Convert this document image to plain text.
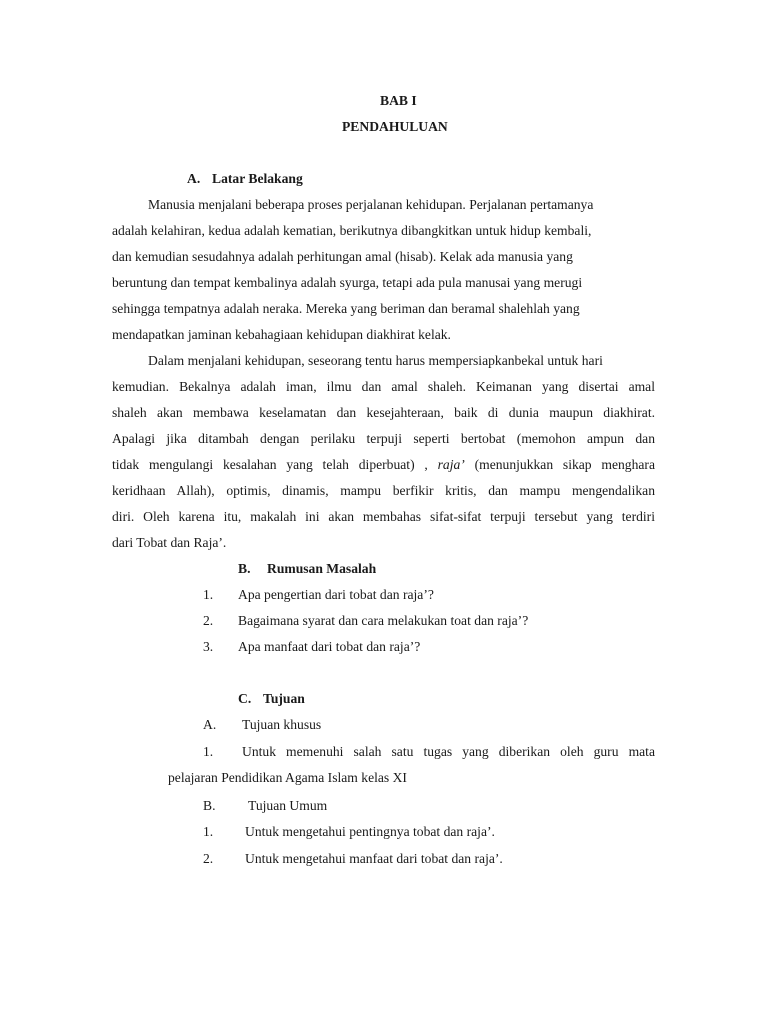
BAB I
PENDAHULUAN
A. Latar Belakang
Manusia menjalani beberapa proses perjalanan kehidupan. Perjalanan pertamanya
adalah kelahiran, kedua adalah kematian, berikutnya dibangkitkan untuk hidup kembali,
dan kemudian sesudahnya adalah perhitungan amal (hisab). Kelak ada manusia yang
beruntung dan tempat kembalinya adalah syurga, tetapi ada pula manusai yang merugi
sehingga tempatnya adalah neraka. Mereka yang beriman dan beramal shalehlah yang
mendapatkan jaminan kebahagiaan kehidupan diakhirat kelak.
Dalam menjalani kehidupan, seseorang tentu harus mempersiapkanbekal untuk hari
kemudian. Bekalnya adalah iman, ilmu dan amal shaleh. Keimanan yang disertai amal
shaleh akan membawa keselamatan dan kesejahteraan, baik di dunia maupun diakhirat.
Apalagi jika ditambah dengan perilaku terpuji seperti bertobat (memohon ampun dan
tidak mengulangi kesalahan yang telah diperbuat) , raja’ (menunjukkan sikap menghara
keridhaan Allah), optimis, dinamis, mampu berfikir kritis, dan mampu mengendalikan
diri. Oleh karena itu, makalah ini akan membahas sifat-sifat terpuji tersebut yang terdiri
dari Tobat dan Raja’.
B. Rumusan Masalah
1. Apa pengertian dari tobat dan raja’?
2. Bagaimana syarat dan cara melakukan toat dan raja’?
3. Apa manfaat dari tobat dan raja’?
C. Tujuan
A. Tujuan khusus
1. Untuk memenuhi salah satu tugas yang diberikan oleh guru mata
pelajaran Pendidikan Agama Islam kelas XI
B. Tujuan Umum
1. Untuk mengetahui pentingnya tobat dan raja’.
2. Untuk mengetahui manfaat dari tobat dan raja’.
